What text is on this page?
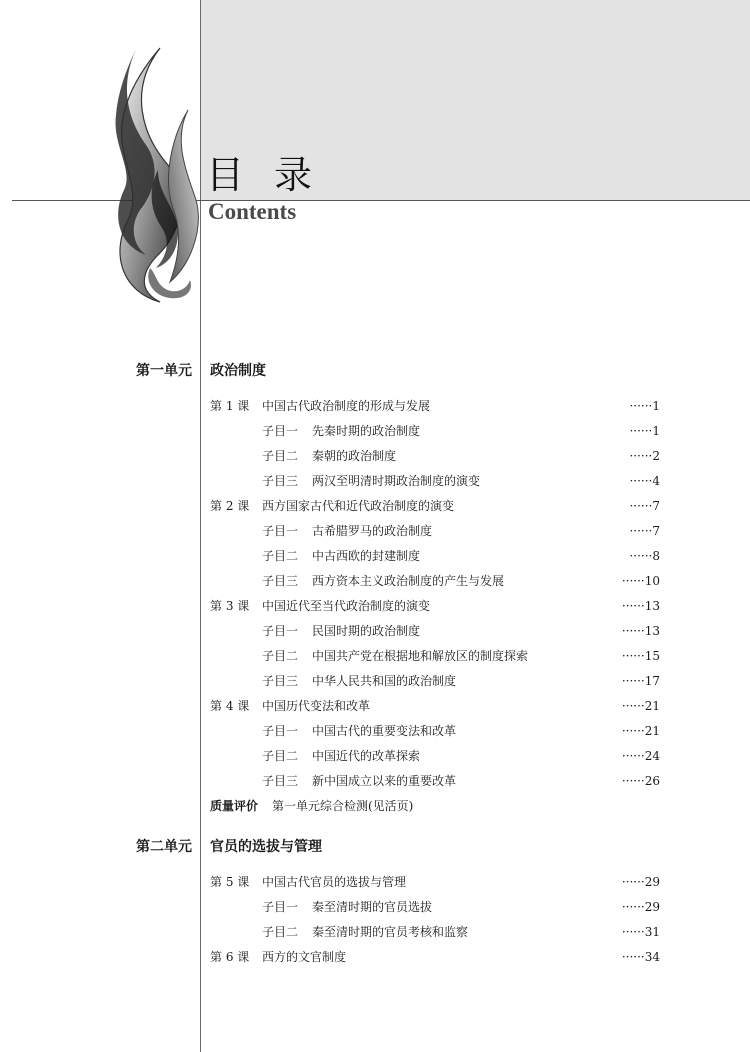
目录
Contents
第一单元 政治制度
第 1 课 中国古代政治制度的形成与发展	······1
子目一 先秦时期的政治制度	······1
子目二 秦朝的政治制度	······2
子目三 两汉至明清时期政治制度的演变	······4
第 2 课 西方国家古代和近代政治制度的演变	······7
子目一 古希腊罗马的政治制度	······7
子目二 中古西欧的封建制度	······8
子目三 西方资本主义政治制度的产生与发展	······10
第 3 课 中国近代至当代政治制度的演变	······13
子目一 民国时期的政治制度	······13
子目二 中国共产党在根据地和解放区的制度探索	······15
子目三 中华人民共和国的政治制度	······17
第 4 课 中国历代变法和改革	······21
子目一 中国古代的重要变法和改革	······21
子目二 中国近代的改革探索	······24
子目三 新中国成立以来的重要改革	······26
质量评价 第一单元综合检测(见活页)
第二单元 官员的选拔与管理
第 5 课 中国古代官员的选拔与管理	······29
子目一 秦至清时期的官员选拔	······29
子目二 秦至清时期的官员考核和监察	······31
第 6 课 西方的文官制度	······34
